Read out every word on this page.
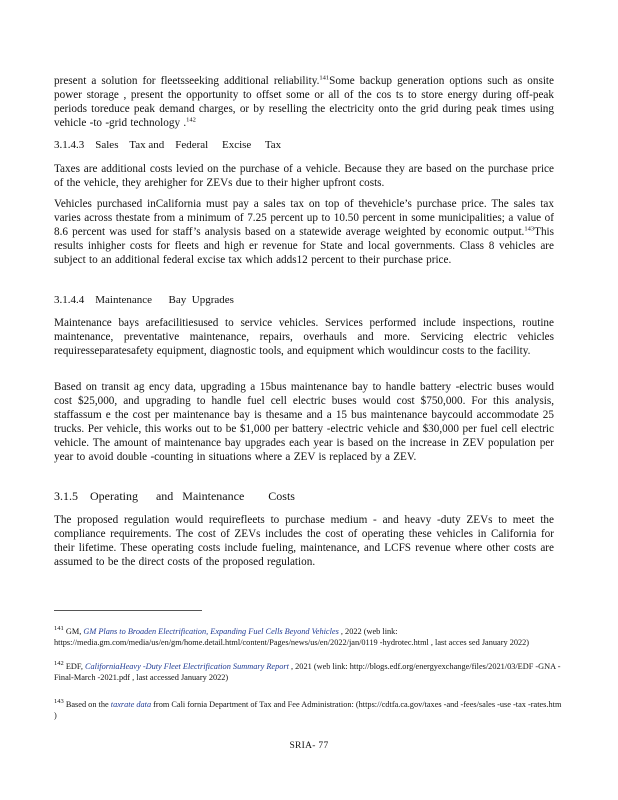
present a solution for fleetsseeking additional reliability.$^{141}$Some backup generation options such as onsite power storage , present the opportunity to offset some or all of the cos ts to store energy during off-peak periods toreduce peak demand charges, or by reselling the electricity onto the grid during peak times using vehicle -to -grid technology .$^{142}$

3.1.4.3    Sales    Tax and    Federal     Excise     Tax

Taxes are additional costs levied on the purchase of a vehicle. Because they are based on the purchase price of the vehicle, they arehigher for ZEVs due to their higher upfront costs.

Vehicles purchased inCalifornia must pay a sales tax on top of thevehicle’s purchase price. The sales tax varies across thestate from a minimum of 7.25 percent up to 10.50 percent in some municipalities; a value of 8.6 percent was used for staff’s analysis based on a statewide average weighted by economic output.$^{143}$This results inhigher costs for fleets and high er revenue for State and local governments. Class 8 vehicles are subject to an additional federal excise tax which adds12 percent to their purchase price.

3.1.4.4    Maintenance      Bay  Upgrades

Maintenance bays arefacilitiesused to service vehicles. Services performed include inspections, routine maintenance, preventative maintenance, repairs, overhauls and more. Servicing electric vehicles requiresseparatesafety equipment, diagnostic tools, and equipment which wouldincur costs to the facility.

Based on transit ag ency data, upgrading a 15bus maintenance bay to handle battery -electric buses would cost $25,000, and upgrading to handle fuel cell electric buses would cost $750,000. For this analysis, staffassum e the cost per maintenance bay is thesame and a 15 bus maintenance baycould accommodate 25 trucks. Per vehicle, this works out to be $1,000 per battery -electric vehicle and $30,000 per fuel cell electric vehicle. The amount of maintenance bay upgrades each year is based on the increase in ZEV population per year to avoid double -counting in situations where a ZEV is replaced by a ZEV.

3.1.5    Operating      and   Maintenance        Costs

The proposed regulation would requirefleets to purchase medium - and heavy -duty ZEVs to meet the compliance requirements. The cost of ZEVs includes the cost of operating these vehicles in California for their lifetime. These operating costs include fueling, maintenance, and LCFS revenue where other costs are assumed to be the direct costs of the proposed regulation.

$^{141}$ GM, GM Plans to Broaden Electrification, Expanding Fuel Cells Beyond Vehicles , 2022 (web link: https://media.gm.com/media/us/en/gm/home.detail.html/content/Pages/news/us/en/2022/jan/0119 -hydrotec.html , last acces sed January 2022)

$^{142}$ EDF, CaliforniaHeavy -Duty Fleet Electrification Summary Report , 2021 (web link: http://blogs.edf.org/energyexchange/files/2021/03/EDF -GNA -Final-March -2021.pdf , last accessed January 2022)

$^{143}$ Based on the taxrate data from Cali fornia Department of Tax and Fee Administration: (https://cdtfa.ca.gov/taxes -and -fees/sales -use -tax -rates.htm )

SRIA- 77
